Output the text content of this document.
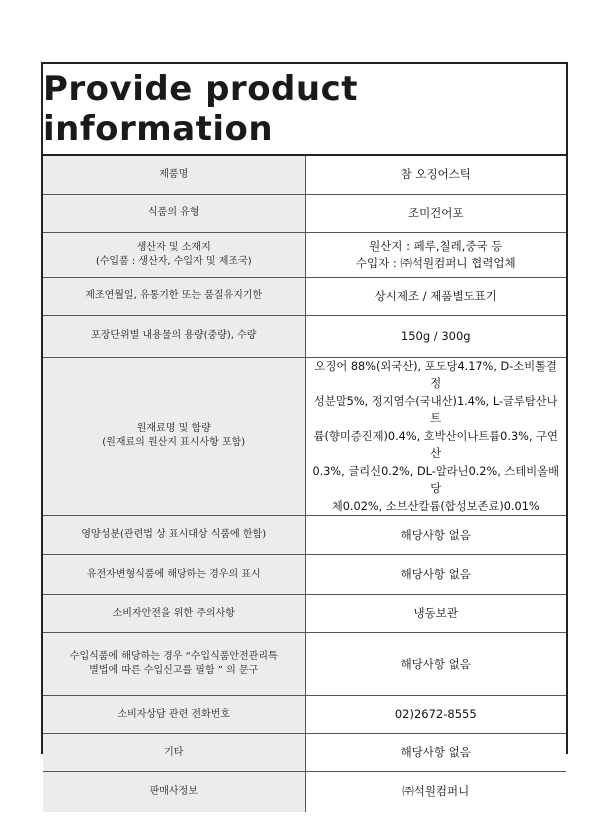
Provide product information
제품명	참 오징어스틱

식품의 유형	조미건어포

생산자 및 소재지
(수입품 : 생산자, 수입자 및 제조국)	원산지 : 페루,칠레,중국 등
수입자 : ㈜석원컴퍼니 협력업체

제조연월일, 유통기한 또는 품질유지기한	상시제조 / 제품별도표기

포장단위별 내용물의 용량(중량), 수량	150g / 300g

원재료명 및 함량
(원재료의 원산지 표시사항 포함)	오징어 88%(외국산), 포도당4.17%, D-소비톨결정
성분말5%, 정지염수(국내산)1.4%, L-글루탐산나트
륨(향미증진제)0.4%, 호박산이나트륨0.3%, 구연산
0.3%, 글리신0.2%, DL-알라닌0.2%, 스테비올배당
체0.02%, 소브산칼륨(합성보존료)0.01%

영양성분(관련법 상 표시대상 식품에 한함)	해당사항 없음

유전자변형식품에 해당하는 경우의 표시	해당사항 없음

소비자안전을 위한 주의사항	냉동보관

수입식품에 해당하는 경우 “수입식품안전관리특
별법에 따른 수입신고를 필함 ” 의 문구	해당사항 없음

소비자상담 관련 전화번호	02)2672-8555

기타	해당사항 없음

판매사정보	㈜석원컴퍼니
